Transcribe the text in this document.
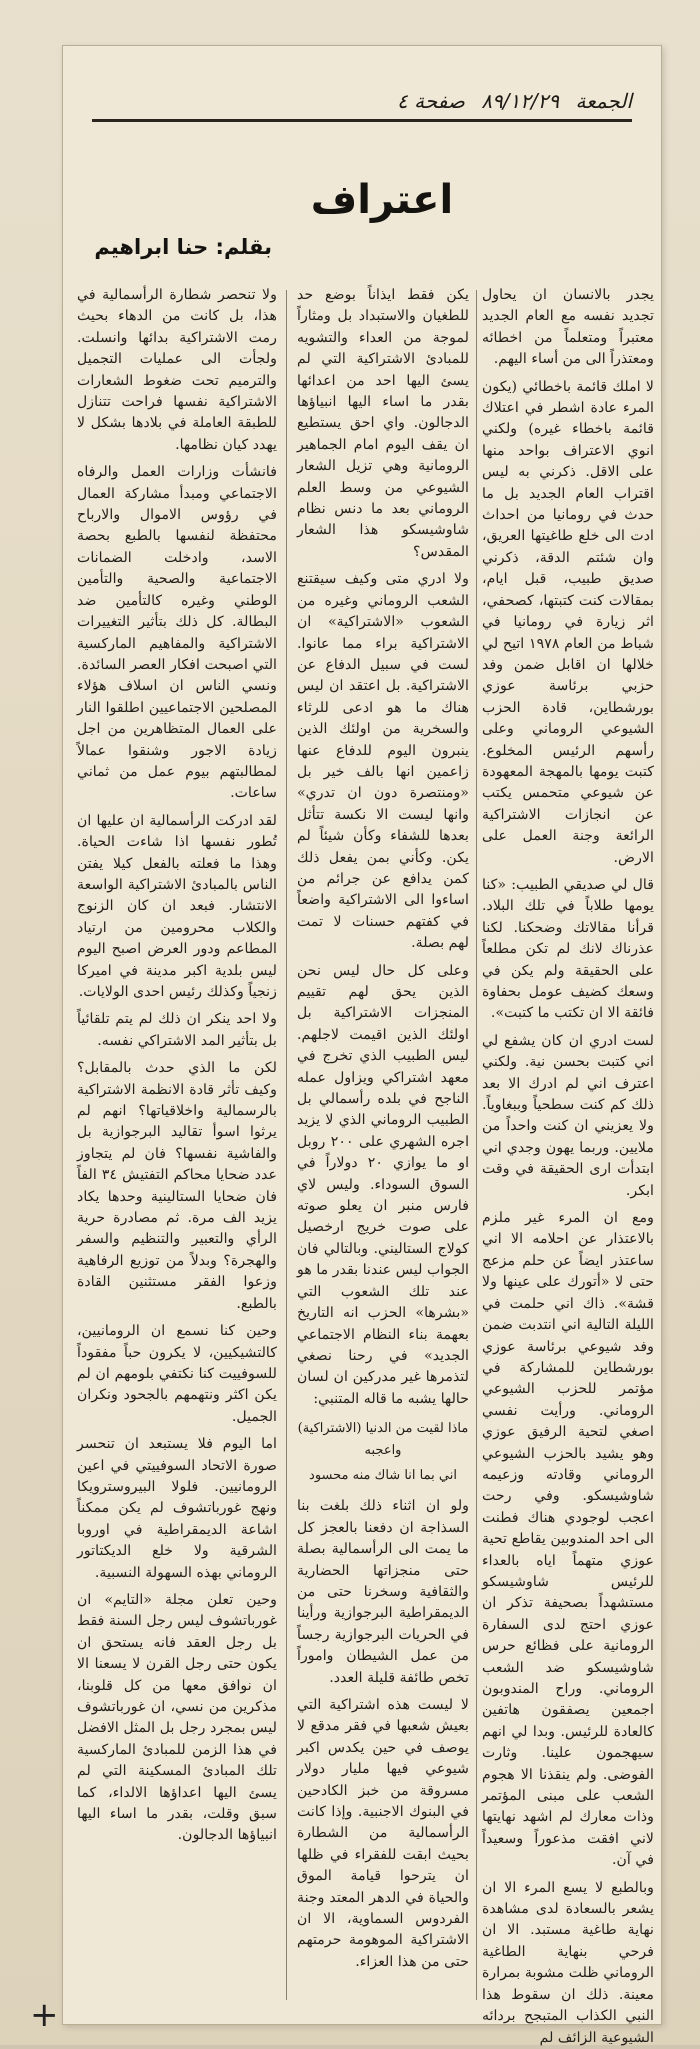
الجمعة ٨٩/١٢/٢٩ صفحة ٤
اعتراف
بقلم: حنا ابراهيم

يجدر بالانسان ان يحاول تجديد نفسه مع العام الجديد معتبراً ومتعلماً من اخطائه ومعتذراً الى من أساء اليهم.

لا املك قائمة باخطائي (يكون المرء عادة اشطر في اعتلاك قائمة باخطاء غيره) ولكني انوي الاعتراف بواحد منها على الاقل. ذكرني به ليس اقتراب العام الجديد بل ما حدث في رومانيا من احداث ادت الى خلع طاغيتها العريق، وان شئتم الدقة، ذكرني صديق طبيب، قبل ايام، بمقالات كنت كتبتها، كصحفي، اثر زيارة في رومانيا في شباط من العام ١٩٧٨ اتيح لي خلالها ان اقابل ضمن وفد حزبي برئاسة عوزي بورشطاين، قادة الحزب الشيوعي الروماني وعلى رأسهم الرئيس المخلوع. كتبت يومها بالمهجة المعهودة عن شيوعي متحمس يكتب عن انجازات الاشتراكية الرائعة وجنة العمل على الارض.

قال لي صديقي الطبيب: «كنا يومها طلاباً في تلك البلاد. قرأنا مقالاتك وضحكنا. لكنا عذرناك لانك لم تكن مطلعاً على الحقيقة ولم يكن في وسعك كضيف عومل بحفاوة فائقة الا ان تكتب ما كتبت».

لست ادري ان كان يشفع لي اني كتبت بحسن نية. ولكني اعترف اني لم ادرك الا بعد ذلك كم كنت سطحياً وببغاوياً. ولا يعزيني ان كنت واحداً من ملايين. وربما يهون وجدي اني ابتدأت ارى الحقيقة في وقت ابكر.

ومع ان المرء غير ملزم بالاعتذار عن احلامه الا اني ساعتذر ايضاً عن حلم مزعج حتى لا «أتورك على عينها ولا قشة». ذاك اني حلمت في الليلة التالية اني انتدبت ضمن وفد شيوعي برئاسة عوزي بورشطاين للمشاركة في مؤتمر للحزب الشيوعي الروماني. ورأيت نفسي اصغي لتحية الرفيق عوزي وهو يشيد بالحزب الشيوعي الروماني وقادته وزعيمه شاوشيسكو. وفي رحت اعجب لوجودي هناك فطنت الى احد المندوبين يقاطع تحية عوزي متهماً اياه بالعداء للرئيس شاوشيسكو مستشهداً بصحيفة تذكر ان عوزي احتج لدى السفارة الرومانية على فظائع حرس شاوشيسكو ضد الشعب الروماني. وراح المندوبون اجمعين يصفقون هاتفين كالعادة للرئيس. وبدا لي انهم سيهجمون علينا. وثارت الفوضى. ولم ينقذنا الا هجوم الشعب على مبنى المؤتمر وذات معارك لم اشهد نهايتها لاني افقت مذعوراً وسعيداً في آن.

وبالطبع لا يسع المرء الا ان يشعر بالسعادة لدى مشاهدة نهاية طاغية مستبد. الا ان فرحي بنهاية الطاغية الروماني ظلت مشوبة بمرارة معينة. ذلك ان سقوط هذا النبي الكذاب المتبجح بردائه الشيوعية الزائف لم

يكن فقط ايذاناً بوضع حد للطغيان والاستبداد بل ومثاراً لموجة من العداء والتشويه للمبادئ الاشتراكية التي لم يسئ اليها احد من اعدائها بقدر ما اساء اليها انبياؤها الدجالون. واي احق يستطيع ان يقف اليوم امام الجماهير الرومانية وهي تزيل الشعار الشيوعي من وسط العلم الروماني بعد ما دنس نظام شاوشيسكو هذا الشعار المقدس؟

ولا ادري متى وكيف سيقتنع الشعب الروماني وغيره من الشعوب «الاشتراكية» ان الاشتراكية براء مما عانوا. لست في سبيل الدفاع عن الاشتراكية. بل اعتقد ان ليس هناك ما هو ادعى للرثاء والسخرية من اولئك الذين ينبرون اليوم للدفاع عنها زاعمين انها بالف خير بل «ومنتصرة دون ان تدري» وانها ليست الا نكسة تتأثل بعدها للشفاء وكأن شيئاً لم يكن. وكأني بمن يفعل ذلك كمن يدافع عن جرائم من اساءوا الى الاشتراكية واضعاً في كفتهم حسنات لا تمت لهم بصلة.

وعلى كل حال ليس نحن الذين يحق لهم تقييم المنجزات الاشتراكية بل اولئك الذين اقيمت لاجلهم. ليس الطبيب الذي تخرج في معهد اشتراكي ويزاول عمله الناجح في بلده رأسمالي بل الطبيب الروماني الذي لا يزيد اجره الشهري على ٢٠٠ روبل او ما يوازي ٢٠ دولاراً في السوق السوداء. وليس لاي فارس منبر ان يعلو صوته على صوت خريج ارخصيل كولاج الستاليني. وبالتالي فان الجواب ليس عندنا بقدر ما هو عند تلك الشعوب التي «بشرها» الحزب انه التاريخ بعهمة بناء النظام الاجتماعي الجديد» في رحنا نصغي لتذمرها غير مدركين ان لسان حالها يشبه ما قاله المتنبي:

ماذا لقيت من الدنيا (الاشتراكية) واعجبه
اني بما انا شاك منه محسود

ولو ان اثناء ذلك بلغت بنا السذاجة ان دفعنا بالعجز كل ما يمت الى الرأسمالية بصلة حتى منجزاتها الحضارية والثقافية وسخرنا حتى من الديمقراطية البرجوازية ورأينا في الحريات البرجوازية رجساً من عمل الشيطان واموراً تخص طائفة قليلة العدد.

لا ليست هذه اشتراكية التي بعيش شعبها في فقر مدقع لا يوصف في حين يكدس اكبر شيوعي فيها مليار دولار مسروقة من خبز الكادحين في البنوك الاجنبية. وإذا كانت الرأسمالية من الشطارة بحيث ابقت للفقراء في ظلها ان يترحوا قيامة الموق والحياة في الدهر المعتد وجنة الفردوس السماوية، الا ان الاشتراكية الموهومة حرمتهم حتى من هذا العزاء.

ولا تنحصر شطارة الرأسمالية في هذا، بل كانت من الدهاء بحيث رمت الاشتراكية بدائها وانسلت. ولجأت الى عمليات التجميل والترميم تحت ضغوط الشعارات الاشتراكية نفسها فراحت تتنازل للطبقة العاملة في بلادها بشكل لا يهدد كيان نظامها.

فانشأت وزارات العمل والرفاه الاجتماعي ومبدأ مشاركة العمال في رؤوس الاموال والارباح محتفظة لنفسها بالطبع بحصة الاسد، وادخلت الضمانات الاجتماعية والصحية والتأمين الوطني وغيره كالتأمين ضد البطالة. كل ذلك بتأثير التغييرات الاشتراكية والمفاهيم الماركسية التي اصبحت افكار العصر السائدة. ونسي الناس ان اسلاف هؤلاء المصلحين الاجتماعيين اطلقوا النار على العمال المتظاهرين من اجل زيادة الاجور وشنقوا عمالاً لمطالبتهم بيوم عمل من ثماني ساعات.

لقد ادركت الرأسمالية ان عليها ان تُطور نفسها اذا شاءت الحياة. وهذا ما فعلته بالفعل كيلا يفتن الناس بالمبادئ الاشتراكية الواسعة الانتشار. فبعد ان كان الزنوج والكلاب محرومين من ارتياد المطاعم ودور العرض اصبح اليوم ليس بلدية اكبر مدينة في اميركا زنجياً وكذلك رئيس احدى الولايات.

ولا احد ينكر ان ذلك لم يتم تلقائياً بل بتأثير المد الاشتراكي نفسه.

لكن ما الذي حدث بالمقابل؟ وكيف تأثر قادة الانظمة الاشتراكية بالرسمالية واخلاقياتها؟ انهم لم يرثوا اسوأ تقاليد البرجوازية بل والفاشية نفسها؟ فان لم يتجاوز عدد ضحايا محاكم التفتيش ٣٤ الفاً فان ضحايا الستالينية وحدها يكاد يزيد الف مرة. ثم مصادرة حرية الرأي والتعبير والتنظيم والسفر والهجرة؟ وبدلاً من توزيع الرفاهية وزعوا الفقر مستثنين القادة بالطبع.

وحين كنا نسمع ان الرومانيين، كالتشيكيين، لا يكرون حباً مفقوداً للسوفييت كنا نكتفي بلومهم ان لم يكن اكثر ونتهمهم بالجحود ونكران الجميل.

اما اليوم فلا يستبعد ان تنحسر صورة الاتحاد السوفييتي في اعين الرومانيين. فلولا البيروسترويكا ونهج غورباتشوف لم يكن ممكناً اشاعة الديمقراطية في اوروبا الشرقية ولا خلع الديكتاتور الروماني بهذه السهولة النسبية.

وحين تعلن مجلة «التايم» ان غورباتشوف ليس رجل السنة فقط بل رجل العقد فانه يستحق ان يكون حتى رجل القرن لا يسعنا الا ان نوافق معها من كل قلوبنا، مذكرين من نسي، ان غورباتشوف ليس بمجرد رجل بل المثل الافضل في هذا الزمن للمبادئ الماركسية تلك المبادئ المسكينة التي لم يسئ اليها اعداؤها الالداء، كما سبق وقلت، بقدر ما اساء اليها انبياؤها الدجالون.

+
